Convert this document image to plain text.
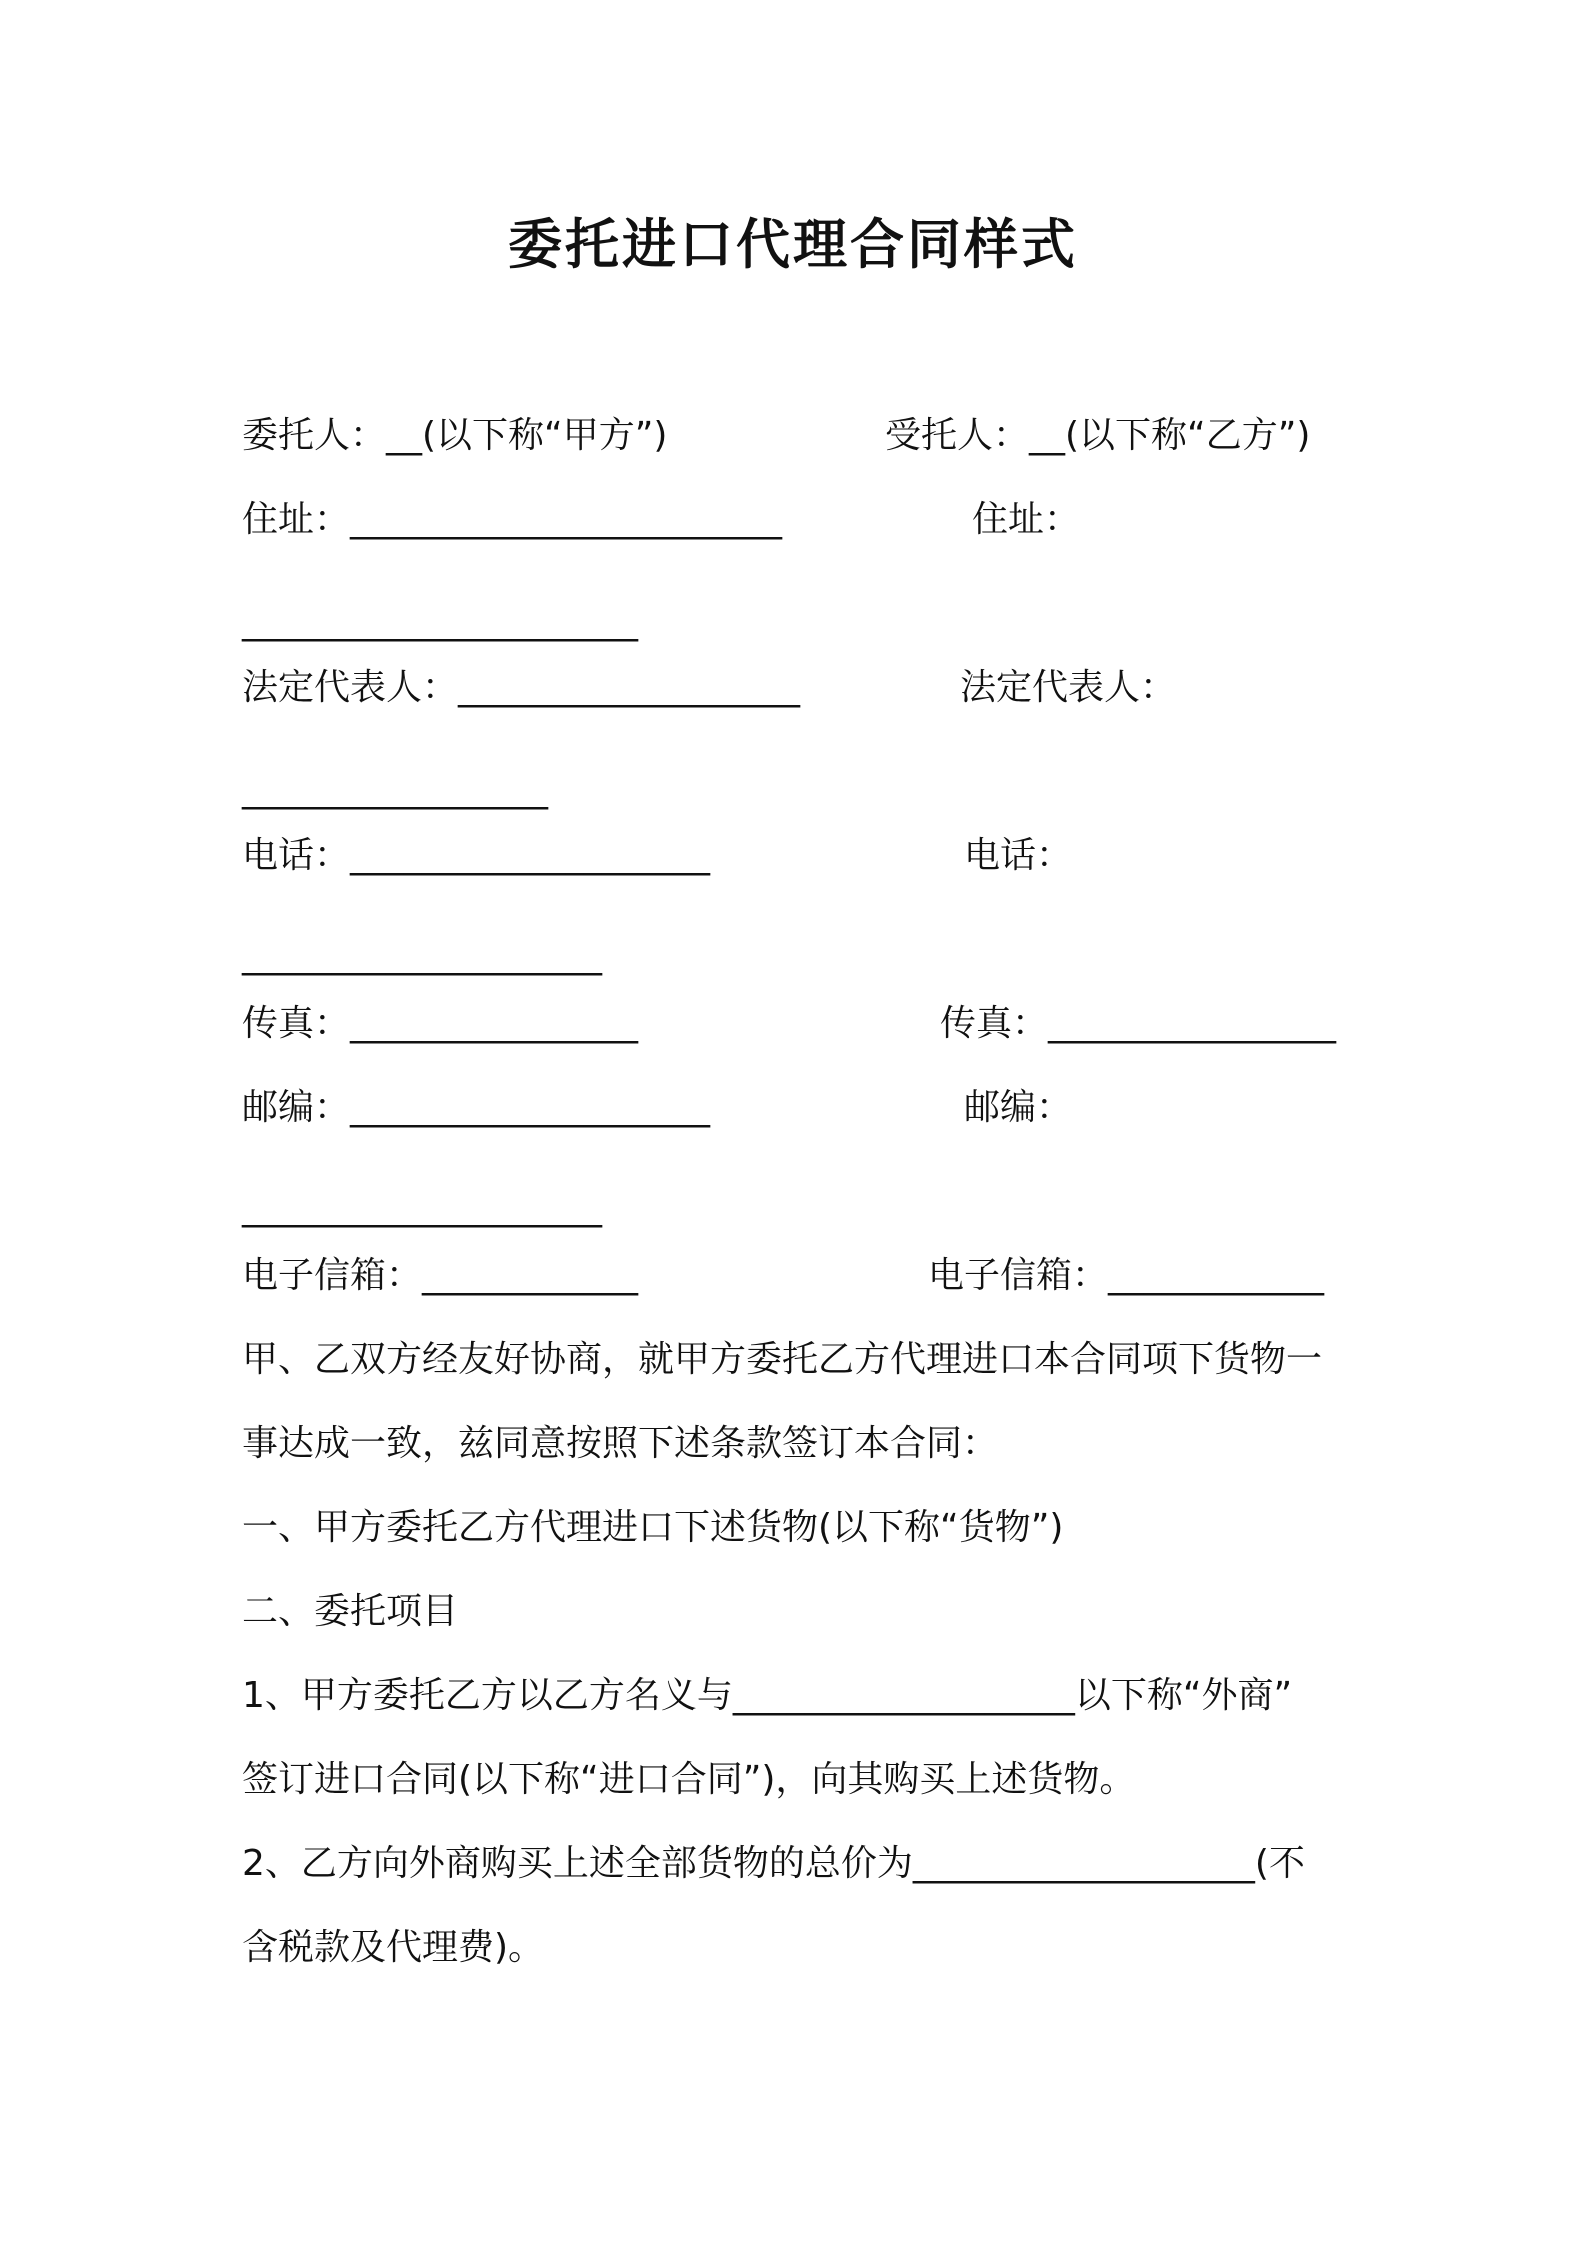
委托进口代理合同样式
委托人：__(以下称“甲方”)	受托人：__(以下称“乙方”)
住址：________________________	住址：
______________________
法定代表人：___________________	法定代表人：
_________________
电话：____________________	电话：
____________________
传真：________________	传真：________________
邮编：____________________	邮编：
____________________
电子信箱：____________	电子信箱：____________
甲、乙双方经友好协商，就甲方委托乙方代理进口本合同项下货物一
事达成一致，兹同意按照下述条款签订本合同：
一、甲方委托乙方代理进口下述货物(以下称“货物”)
二、委托项目
1、甲方委托乙方以乙方名义与___________________以下称“外商”
签订进口合同(以下称“进口合同”)，向其购买上述货物。
2、乙方向外商购买上述全部货物的总价为___________________(不
含税款及代理费)。
